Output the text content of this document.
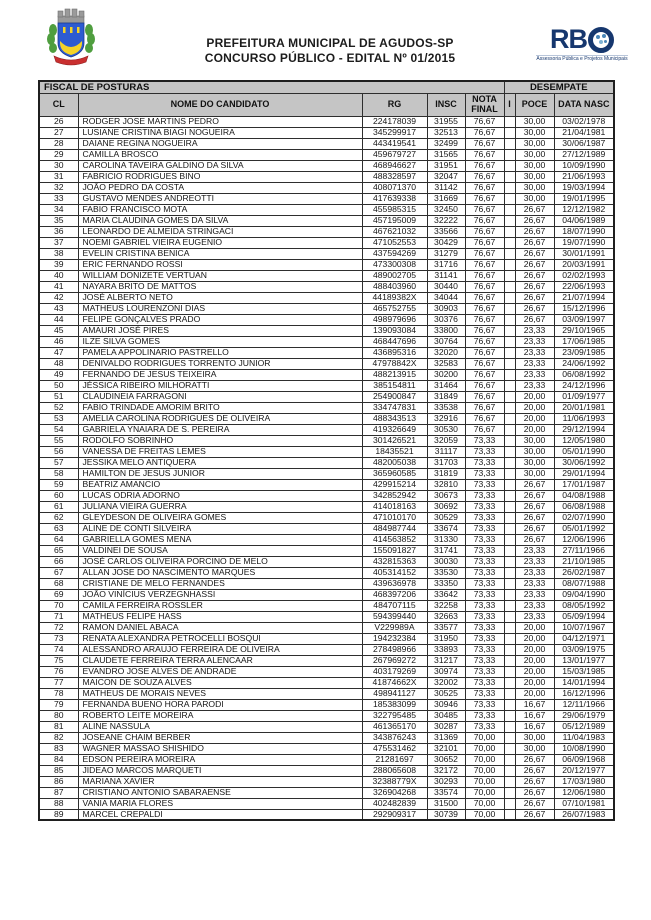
PREFEITURA MUNICIPAL DE AGUDOS-SP
CONCURSO PÚBLICO - EDITAL Nº 01/2015
RB
Assessoria Pública e Projetos Municipais
FISCAL DE POSTURAS					DESEMPATE		
CL	NOME DO CANDIDATO	RG	INSC	NOTA FINAL	I	POCE	DATA NASC
26	RODGER JOSE MARTINS PEDRO	224178039	31955	76,67		30,00	03/02/1978
27	LUSIANE CRISTINA BIAGI NOGUEIRA	345299917	32513	76,67		30,00	21/04/1981
28	DAIANE REGINA NOGUEIRA	443419541	32499	76,67		30,00	30/06/1987
29	CAMILLA BROSCO	459679727	31565	76,67		30,00	27/12/1989
30	CAROLINA TAVEIRA GALDINO DA SILVA	468946627	31951	76,67		30,00	10/09/1990
31	FABRICIO RODRIGUES BINO	488328597	32047	76,67		30,00	21/06/1993
32	JOÃO PEDRO DA COSTA	408071370	31142	76,67		30,00	19/03/1994
33	GUSTAVO MENDES ANDREOTTI	417639338	31669	76,67		30,00	19/01/1995
34	FABIO FRANCISCO MOTA	455985315	32450	76,67		26,67	12/12/1982
35	MARIA CLAUDINA GOMES DA SILVA	457195009	32222	76,67		26,67	04/06/1989
36	LEONARDO DE ALMEIDA STRINGACI	467621032	33566	76,67		26,67	18/07/1990
37	NOEMI GABRIEL VIEIRA EUGENIO	471052553	30429	76,67		26,67	19/07/1990
38	EVELIN CRISTINA BENICA	437594269	31279	76,67		26,67	30/01/1991
39	ERIC FERNANDO ROSSI	473300308	31716	76,67		26,67	20/03/1991
40	WILLIAM DONIZETE VERTUAN	489002705	31141	76,67		26,67	02/02/1993
41	NAYARA BRITO DE MATTOS	488403960	30440	76,67		26,67	22/06/1993
42	JOSÉ ALBERTO NETO	44189382X	34044	76,67		26,67	21/07/1994
43	MATHEUS LOURENZONI DIAS	465752755	30903	76,67		26,67	15/12/1996
44	FELIPE GONÇALVES PRADO	498979696	30376	76,67		26,67	03/09/1997
45	AMAURI JOSÉ PIRES	139093084	33800	76,67		23,33	29/10/1965
46	ILZE SILVA GOMES	468447696	30764	76,67		23,33	17/06/1985
47	PAMELA APPOLINARIO PASTRELLO	436895316	32020	76,67		23,33	23/09/1985
48	DENIVALDO RODRIGUES TORRENTO JUNIOR	47978842X	32583	76,67		23,33	24/06/1992
49	FERNANDO DE JESUS TEIXEIRA	488213915	30200	76,67		23,33	06/08/1992
50	JÉSSICA RIBEIRO MILHORATTI	385154811	31464	76,67		23,33	24/12/1996
51	CLAUDINEIA FARRAGONI	254900847	31849	76,67		20,00	01/09/1977
52	FABIO TRINDADE AMORIM BRITO	334747831	33538	76,67		20,00	20/01/1981
53	AMELIA CAROLINA RODRIGUES DE OLIVEIRA	488343513	32916	76,67		20,00	11/06/1993
54	GABRIELA YNAIARA DE S. PEREIRA	419326649	30530	76,67		20,00	29/12/1994
55	RODOLFO SOBRINHO	301426521	32059	73,33		30,00	12/05/1980
56	VANESSA DE FREITAS LEMES	18435521	31117	73,33		30,00	05/01/1990
57	JESSIKA MELO ANTIQUERA	482005038	31703	73,33		30,00	30/06/1992
58	HAMILTON DE JESUS JUNIOR	365960585	31819	73,33		30,00	29/01/1994
59	BEATRIZ AMANCIO	429915214	32810	73,33		26,67	17/01/1987
60	LUCAS ODRIA ADORNO	342852942	30673	73,33		26,67	04/08/1988
61	JULIANA VIEIRA GUERRA	414018163	30692	73,33		26,67	06/08/1988
62	GLEYDESON DE OLIVEIRA GOMES	471010170	30529	73,33		26,67	02/07/1990
63	ALINE DE CONTI SILVEIRA	484987744	33674	73,33		26,67	05/01/1992
64	GABRIELLA GOMES MENA	414563852	31330	73,33		26,67	12/06/1996
65	VALDINEI DE SOUSA	155091827	31741	73,33		23,33	27/11/1966
66	JOSÉ CARLOS OLIVEIRA PORCINO DE MELO	432815363	30030	73,33		23,33	21/10/1985
67	ALLAN JOSE DO NASCIMENTO MARQUES	405314152	33530	73,33		23,33	26/02/1987
68	CRISTIANE DE MELO FERNANDES	439636978	33350	73,33		23,33	08/07/1988
69	JOÃO VINÍCIUS VERZEGNHASSI	468397206	33642	73,33		23,33	09/04/1990
70	CAMILA FERREIRA ROSSLER	484707115	32258	73,33		23,33	08/05/1992
71	MATHEUS FELIPE HASS	594399440	32663	73,33		23,33	05/09/1994
72	RAMON DANIEL ABACA	V229989A	33577	73,33		20,00	10/07/1967
73	RENATA ALEXANDRA PETROCELLI BOSQUI	194232384	31950	73,33		20,00	04/12/1971
74	ALESSANDRO ARAUJO FERREIRA DE OLIVEIRA	278498966	33893	73,33		20,00	03/09/1975
75	CLAUDETE FERREIRA TERRA ALENCAAR	267969272	31217	73,33		20,00	13/01/1977
76	EVANDRO JOSE ALVES DE ANDRADE	403179269	30974	73,33		20,00	15/03/1985
77	MAICON DE SOUZA ALVES	41874662X	32002	73,33		20,00	14/01/1994
78	MATHEUS DE MORAIS NEVES	498941127	30525	73,33		20,00	16/12/1996
79	FERNANDA BUENO HORA PARODI	185383099	30946	73,33		16,67	12/11/1966
80	ROBERTO LEITE MOREIRA	322795485	30485	73,33		16,67	29/06/1979
81	ALINE NASSULA	461365170	30287	73,33		16,67	05/12/1989
82	JOSEANE CHAIM BERBER	343876243	31369	70,00		30,00	11/04/1983
83	WAGNER MASSAO SHISHIDO	475531462	32101	70,00		30,00	10/08/1990
84	EDSON PEREIRA MOREIRA	21281697	30652	70,00		26,67	06/09/1968
85	JIDEAO MARCOS MARQUETI	288065608	32172	70,00		26,67	20/12/1977
86	MARIANA XAVIER	32388779X	30293	70,00		26,67	17/03/1980
87	CRISTIANO ANTONIO SABARAENSE	326904268	33574	70,00		26,67	12/06/1980
88	VANIA MARIA FLORES	402482839	31500	70,00		26,67	07/10/1981
89	MARCEL CREPALDI	292909317	30739	70,00		26,67	26/07/1983
